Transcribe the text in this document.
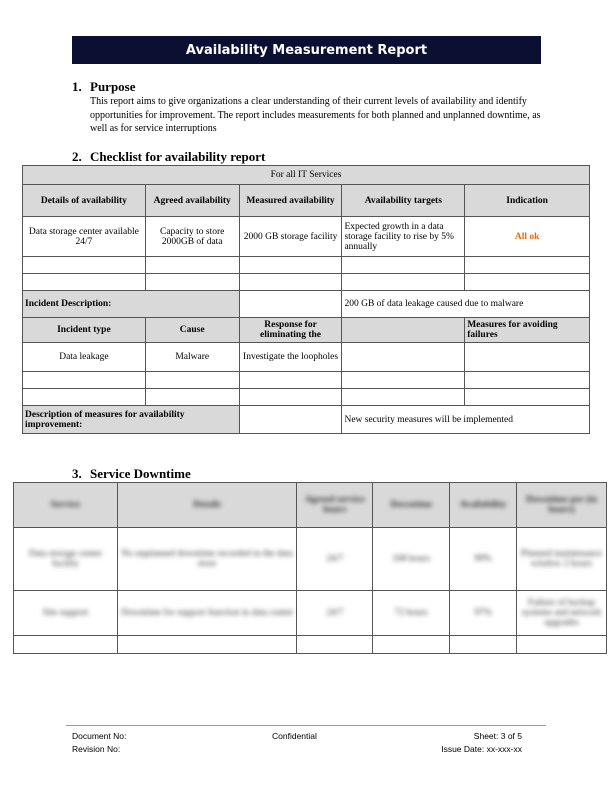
Availability Measurement Report
1. Purpose
This report aims to give organizations a clear understanding of their current levels of availability and identify opportunities for improvement. The report includes measurements for both planned and unplanned downtime, as well as for service interruptions
2. Checklist for availability report
For all IT Services				
Details of availability	Agreed availability	Measured availability	Availability targets	Indication
Data storage center available 24/7	Capacity to store 2000GB of data	2000 GB storage facility	Expected growth in a data storage facility to rise by 5% annually	All ok

Incident Description:			200 GB of data leakage caused due to malware	
Incident type	Cause	Response for eliminating the		Measures for avoiding failures
Data leakage	Malware	Investigate the loopholes		

Description of measures for availability improvement:			New security measures will be implemented	
3. Service Downtime
Service	Details	Agreed service hours	Downtime	Availability	Downtime per (in hours)
Data storage center facility	No unplanned downtime recorded in the data store	24/7	168 hours	99%	Planned maintenance window 2 hours
Site support	Downtime for support function in data center	24/7	72 hours	97%	Failure of backup systems and network upgrades

Document No:
Revision No:
Confidential	Sheet: 3 of 5
Issue Date: xx-xxx-xx
